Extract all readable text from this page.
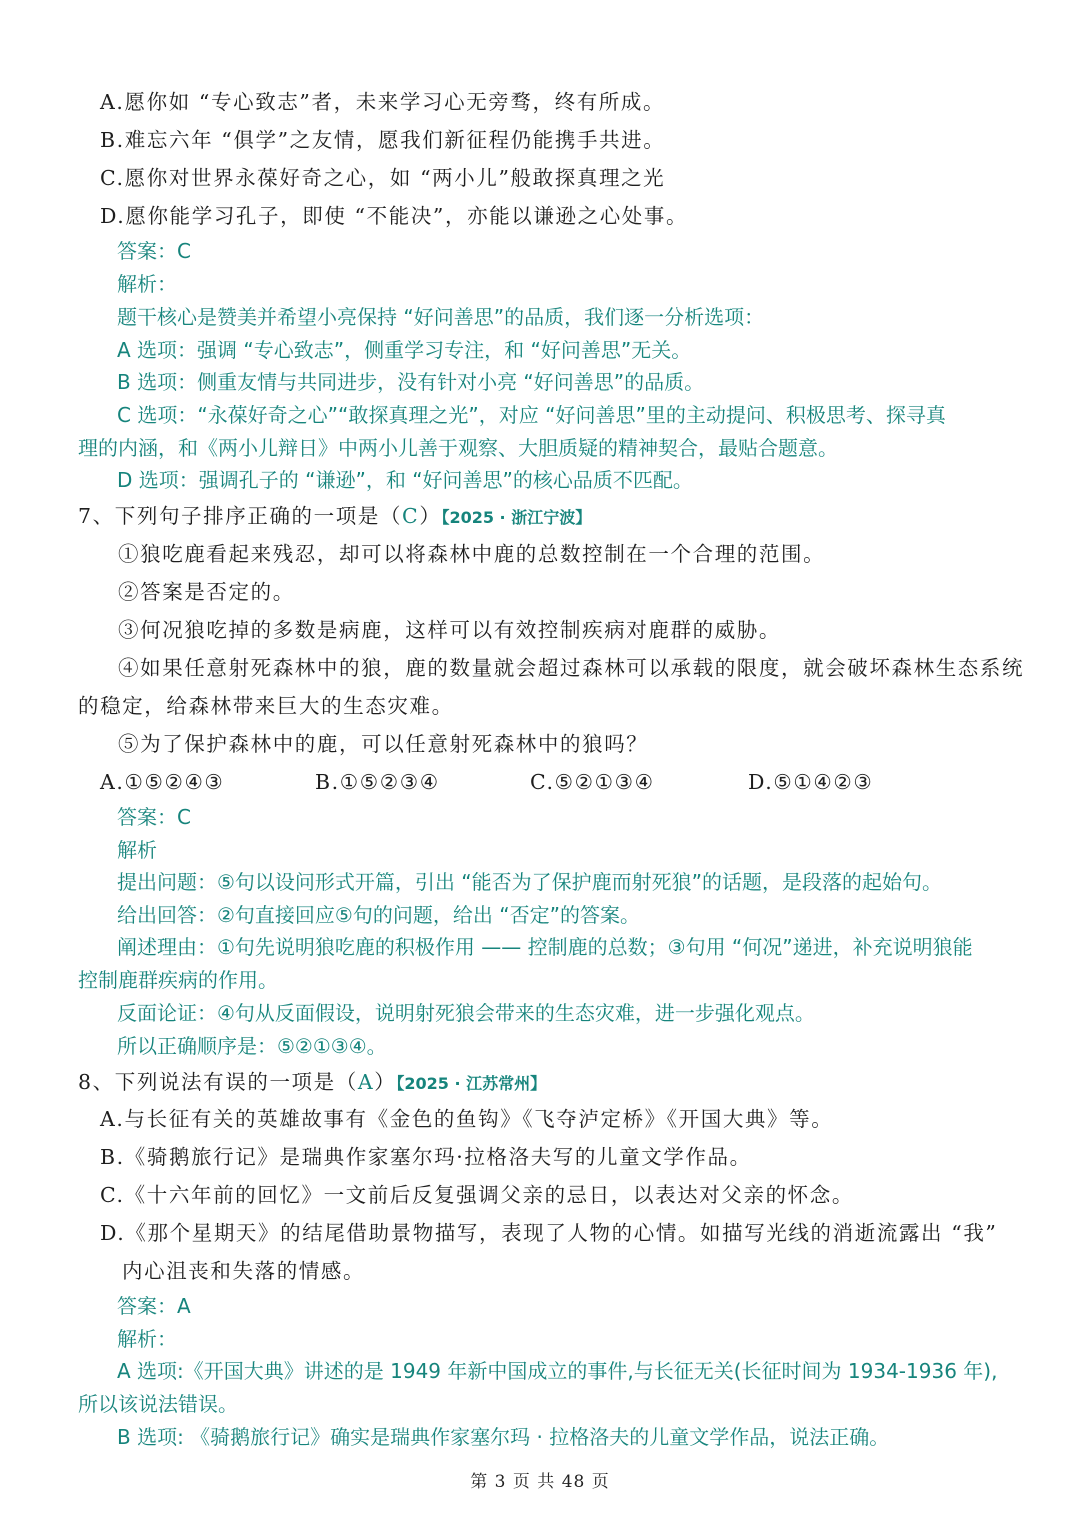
A.愿你如 “专心致志”者，未来学习心无旁骛，终有所成。

B.难忘六年 “俱学”之友情，愿我们新征程仍能携手共进。

C.愿你对世界永葆好奇之心，如 “两小儿”般敢探真理之光

D.愿你能学习孔子，即使 “不能决”，亦能以谦逊之心处事。

答案：C

解析：

题干核心是赞美并希望小亮保持 “好问善思”的品质，我们逐一分析选项：

A 选项：强调 “专心致志”，侧重学习专注，和 “好问善思”无关。

B 选项：侧重友情与共同进步，没有针对小亮 “好问善思”的品质。

C 选项：“永葆好奇之心”“敢探真理之光”，对应 “好问善思”里的主动提问、积极思考、探寻真

理的内涵，和《两小儿辩日》中两小儿善于观察、大胆质疑的精神契合，最贴合题意。

D 选项：强调孔子的 “谦逊”，和 “好问善思”的核心品质不匹配。

7、下列句子排序正确的一项是（C）【2025 · 浙江宁波】

①狼吃鹿看起来残忍，却可以将森林中鹿的总数控制在一个合理的范围。

②答案是否定的。

③何况狼吃掉的多数是病鹿，这样可以有效控制疾病对鹿群的威胁。

④如果任意射死森林中的狼，鹿的数量就会超过森林可以承载的限度，就会破坏森林生态系统

的稳定，给森林带来巨大的生态灾难。

⑤为了保护森林中的鹿，可以任意射死森林中的狼吗？

A.①⑤②④③	B.①⑤②③④	C.⑤②①③④	D.⑤①④②③

答案：C

解析

提出问题：⑤句以设问形式开篇，引出 “能否为了保护鹿而射死狼”的话题，是段落的起始句。

给出回答：②句直接回应⑤句的问题，给出 “否定”的答案。

阐述理由：①句先说明狼吃鹿的积极作用 —— 控制鹿的总数；③句用 “何况”递进，补充说明狼能

控制鹿群疾病的作用。

反面论证：④句从反面假设，说明射死狼会带来的生态灾难，进一步强化观点。

所以正确顺序是：⑤②①③④。

8、下列说法有误的一项是（A）【2025 · 江苏常州】

A.与长征有关的英雄故事有《金色的鱼钩》《飞夺泸定桥》《开国大典》等。

B.《骑鹅旅行记》是瑞典作家塞尔玛·拉格洛夫写的儿童文学作品。

C.《十六年前的回忆》一文前后反复强调父亲的忌日，以表达对父亲的怀念。

D.《那个星期天》的结尾借助景物描写，表现了人物的心情。如描写光线的消逝流露出 “我”

内心沮丧和失落的情感。

答案：A

解析：

A 选项:《开国大典》讲述的是 1949 年新中国成立的事件,与长征无关(长征时间为 1934-1936 年),

所以该说法错误。

B 选项: 《骑鹅旅行记》确实是瑞典作家塞尔玛 · 拉格洛夫的儿童文学作品，说法正确。

第 3 页 共 48 页
